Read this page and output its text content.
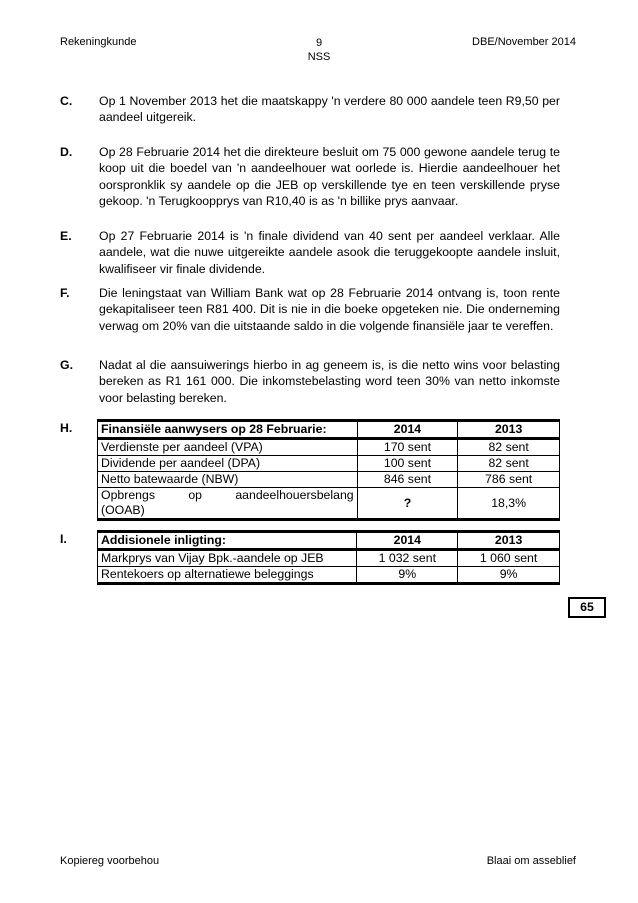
Rekeningkunde	9
NSS
DBE/November 2014
C. Op 1 November 2013 het die maatskappy 'n verdere 80 000 aandele teen R9,50 per aandeel uitgereik.
D. Op 28 Februarie 2014 het die direkteure besluit om 75 000 gewone aandele terug te koop uit die boedel van 'n aandeelhouer wat oorlede is. Hierdie aandeelhouer het oorspronklik sy aandele op die JEB op verskillende tye en teen verskillende pryse gekoop. 'n Terugkoopprys van R10,40 is as 'n billike prys aanvaar.
E. Op 27 Februarie 2014 is 'n finale dividend van 40 sent per aandeel verklaar. Alle aandele, wat die nuwe uitgereikte aandele asook die teruggekoopte aandele insluit, kwalifiseer vir finale dividende.
F. Die leningstaat van William Bank wat op 28 Februarie 2014 ontvang is, toon rente gekapitaliseer teen R81 400. Dit is nie in die boeke opgeteken nie. Die onderneming verwag om 20% van die uitstaande saldo in die volgende finansiële jaar te vereffen.
G. Nadat al die aansuiwerings hierbo in ag geneem is, is die netto wins voor belasting bereken as R1 161 000. Die inkomstebelasting word teen 30% van netto inkomste voor belasting bereken.
H. Finansiële aanwysers op 28 Februarie:	2014	2013
Verdienste per aandeel (VPA)	170 sent	82 sent
Dividende per aandeel (DPA)	100 sent	82 sent
Netto batewaarde (NBW)	846 sent	786 sent

Opbrengs op aandeelhouersbelang
(OOAB)	?	18,3%
I.	Addisionele inligting:	2014	2013
Markprys van Vijay Bpk.-aandele op JEB	1 032 sent	1 060 sent
Rentekoers op alternatiewe beleggings	9%	9%
65
Kopiereg voorbehou	Blaai om asseblief
